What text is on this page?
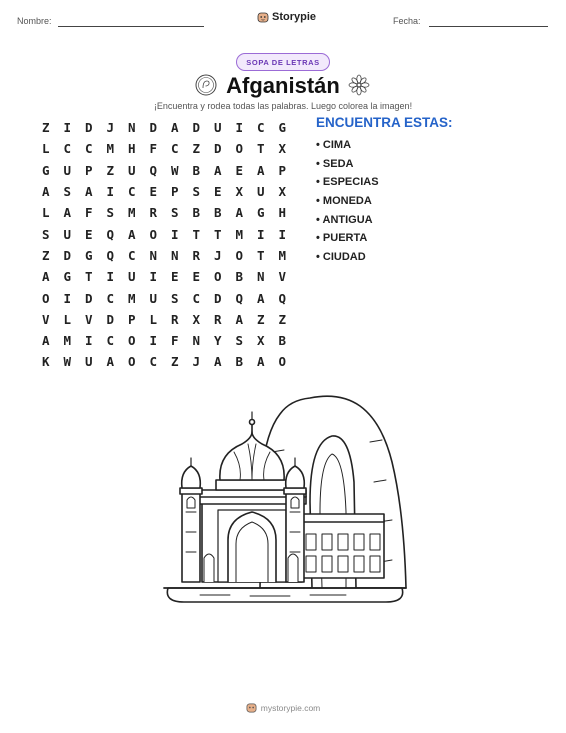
Nombre:	Storypie	Fecha:
SOPA DE LETRAS
Afganistán
¡Encuentra y rodea todas las palabras. Luego colorea la imagen!
Z	I	D	J	N	D	A	D	U	I	C	G
L	C	C	M	H	F	C	Z	D	O	T	X
G	U	P	Z	U	Q	W	B	A	E	A	P
A	S	A	I	C	E	P	S	E	X	U	X
L	A	F	S	M	R	S	B	B	A	G	H
S	U	E	Q	A	O	I	T	T	M	I	I
Z	D	G	Q	C	N	N	R	J	O	T	M
A	G	T	I	U	I	E	E	O	B	N	V
O	I	D	C	M	U	S	C	D	Q	A	Q
V	L	V	D	P	L	R	X	R	A	Z	Z
A	M	I	C	O	I	F	N	Y	S	X	B
K	W	U	A	O	C	Z	J	A	B	A	O
ENCUENTRA ESTAS:
• CIMA
• SEDA
• ESPECIAS
• MONEDA
• ANTIGUA
• PUERTA
• CIUDAD
mystorypie.com
